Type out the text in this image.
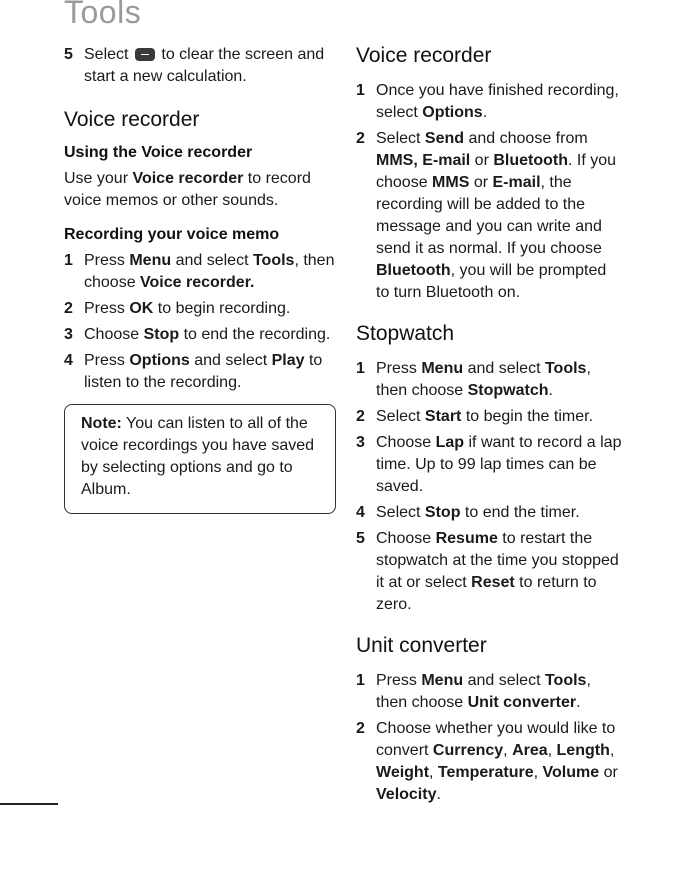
Tools
5 Select to clear the screen and start a new calculation.
Voice recorder
Using the Voice recorder

Use your Voice recorder to record voice memos or other sounds.

Recording your voice memo
1 Press Menu and select Tools, then choose Voice recorder.
2 Press OK to begin recording.
3 Choose Stop to end the recording.
4 Press Options and select Play to listen to the recording.
Note: You can listen to all of the voice recordings you have saved by selecting options and go to Album.
Voice recorder
1 Once you have finished recording, select Options.
2 Select Send and choose from MMS, E-mail or Bluetooth. If you choose MMS or E-mail, the recording will be added to the message and you can write and send it as normal. If you choose Bluetooth, you will be prompted to turn Bluetooth on.
Stopwatch
1 Press Menu and select Tools, then choose Stopwatch.
2 Select Start to begin the timer.
3 Choose Lap if want to record a lap time. Up to 99 lap times can be saved.
4 Select Stop to end the timer.
5 Choose Resume to restart the stopwatch at the time you stopped it at or select Reset to return to zero.
Unit converter
1 Press Menu and select Tools, then choose Unit converter.
2 Choose whether you would like to convert Currency, Area, Length, Weight, Temperature, Volume or Velocity.
